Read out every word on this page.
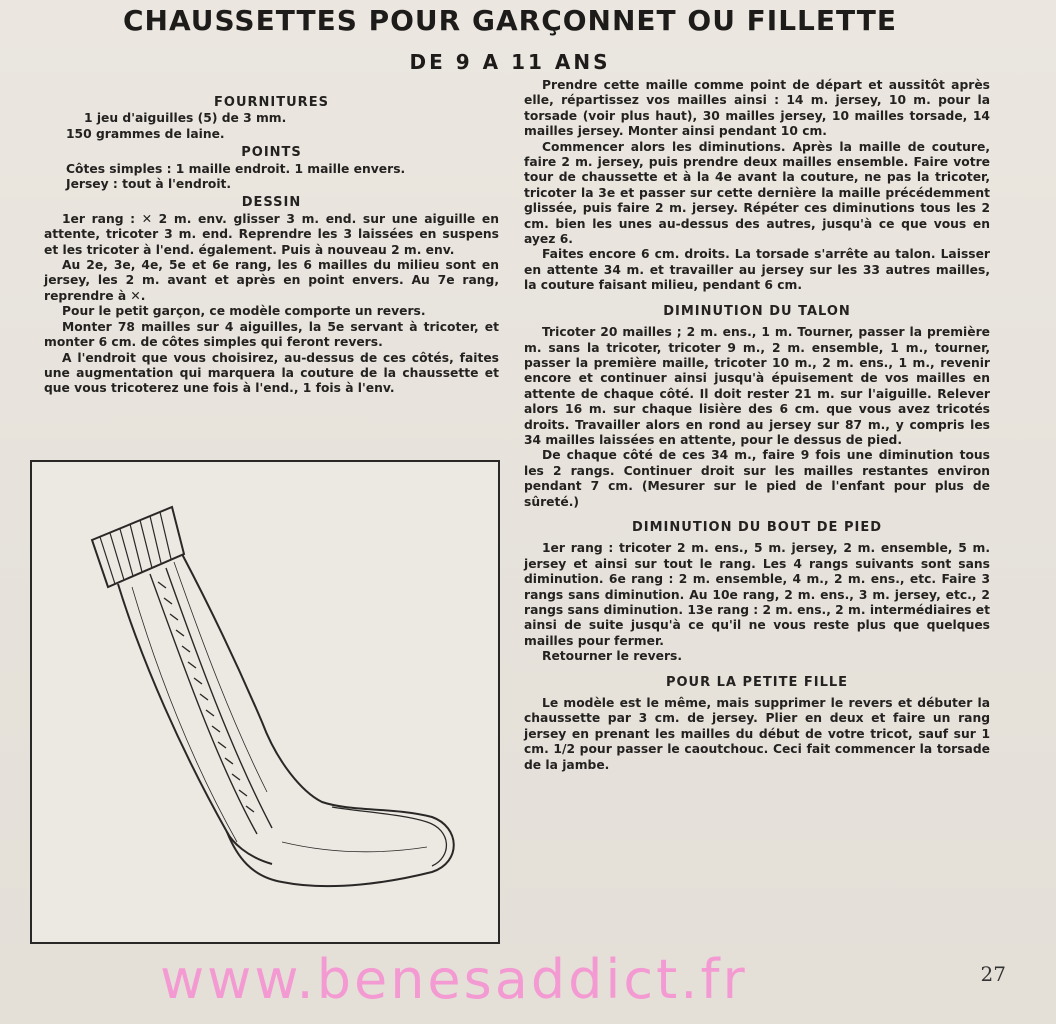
CHAUSSETTES POUR GARÇONNET OU FILLETTE
DE 9 A 11 ANS
FOURNITURES

1 jeu d'aiguilles (5) de 3 mm.

150 grammes de laine.

POINTS

Côtes simples : 1 maille endroit. 1 maille envers.

Jersey : tout à l'endroit.

DESSIN

1er rang : ✕ 2 m. env. glisser 3 m. end. sur une aiguille en attente, tricoter 3 m. end. Reprendre les 3 laissées en suspens et les tricoter à l'end. également. Puis à nouveau 2 m. env.

Au 2e, 3e, 4e, 5e et 6e rang, les 6 mailles du milieu sont en jersey, les 2 m. avant et après en point envers. Au 7e rang, reprendre à ✕.

Pour le petit garçon, ce modèle comporte un revers.

Monter 78 mailles sur 4 aiguilles, la 5e servant à tricoter, et monter 6 cm. de côtes simples qui feront revers.

A l'endroit que vous choisirez, au-dessus de ces côtés, faites une augmentation qui marquera la couture de la chaussette et que vous tricoterez une fois à l'end., 1 fois à l'env.

Prendre cette maille comme point de départ et aussitôt après elle, répartissez vos mailles ainsi : 14 m. jersey, 10 m. pour la torsade (voir plus haut), 30 mailles jersey, 10 mailles torsade, 14 mailles jersey. Monter ainsi pendant 10 cm.

Commencer alors les diminutions. Après la maille de couture, faire 2 m. jersey, puis prendre deux mailles ensemble. Faire votre tour de chaussette et à la 4e avant la couture, ne pas la tricoter, tricoter la 3e et passer sur cette dernière la maille précédemment glissée, puis faire 2 m. jersey. Répéter ces diminutions tous les 2 cm. bien les unes au-dessus des autres, jusqu'à ce que vous en ayez 6.

Faites encore 6 cm. droits. La torsade s'arrête au talon. Laisser en attente 34 m. et travailler au jersey sur les 33 autres mailles, la couture faisant milieu, pendant 6 cm.

DIMINUTION DU TALON

Tricoter 20 mailles ; 2 m. ens., 1 m. Tourner, passer la première m. sans la tricoter, tricoter 9 m., 2 m. ensemble, 1 m., tourner, passer la première maille, tricoter 10 m., 2 m. ens., 1 m., revenir encore et continuer ainsi jusqu'à épuisement de vos mailles en attente de chaque côté. Il doit rester 21 m. sur l'aiguille. Relever alors 16 m. sur chaque lisière des 6 cm. que vous avez tricotés droits. Travailler alors en rond au jersey sur 87 m., y compris les 34 mailles laissées en attente, pour le dessus de pied.

De chaque côté de ces 34 m., faire 9 fois une diminution tous les 2 rangs. Continuer droit sur les mailles restantes environ pendant 7 cm. (Mesurer sur le pied de l'enfant pour plus de sûreté.)

DIMINUTION DU BOUT DE PIED

1er rang : tricoter 2 m. ens., 5 m. jersey, 2 m. ensemble, 5 m. jersey et ainsi sur tout le rang. Les 4 rangs suivants sont sans diminution. 6e rang : 2 m. ensemble, 4 m., 2 m. ens., etc. Faire 3 rangs sans diminution. Au 10e rang, 2 m. ens., 3 m. jersey, etc., 2 rangs sans diminution. 13e rang : 2 m. ens., 2 m. intermédiaires et ainsi de suite jusqu'à ce qu'il ne vous reste plus que quelques mailles pour fermer.

Retourner le revers.

POUR LA PETITE FILLE

Le modèle est le même, mais supprimer le revers et débuter la chaussette par 3 cm. de jersey. Plier en deux et faire un rang jersey en prenant les mailles du début de votre tricot, sauf sur 1 cm. 1/2 pour passer le caoutchouc. Ceci fait commencer la torsade de la jambe.

www.benesaddict.fr	27
